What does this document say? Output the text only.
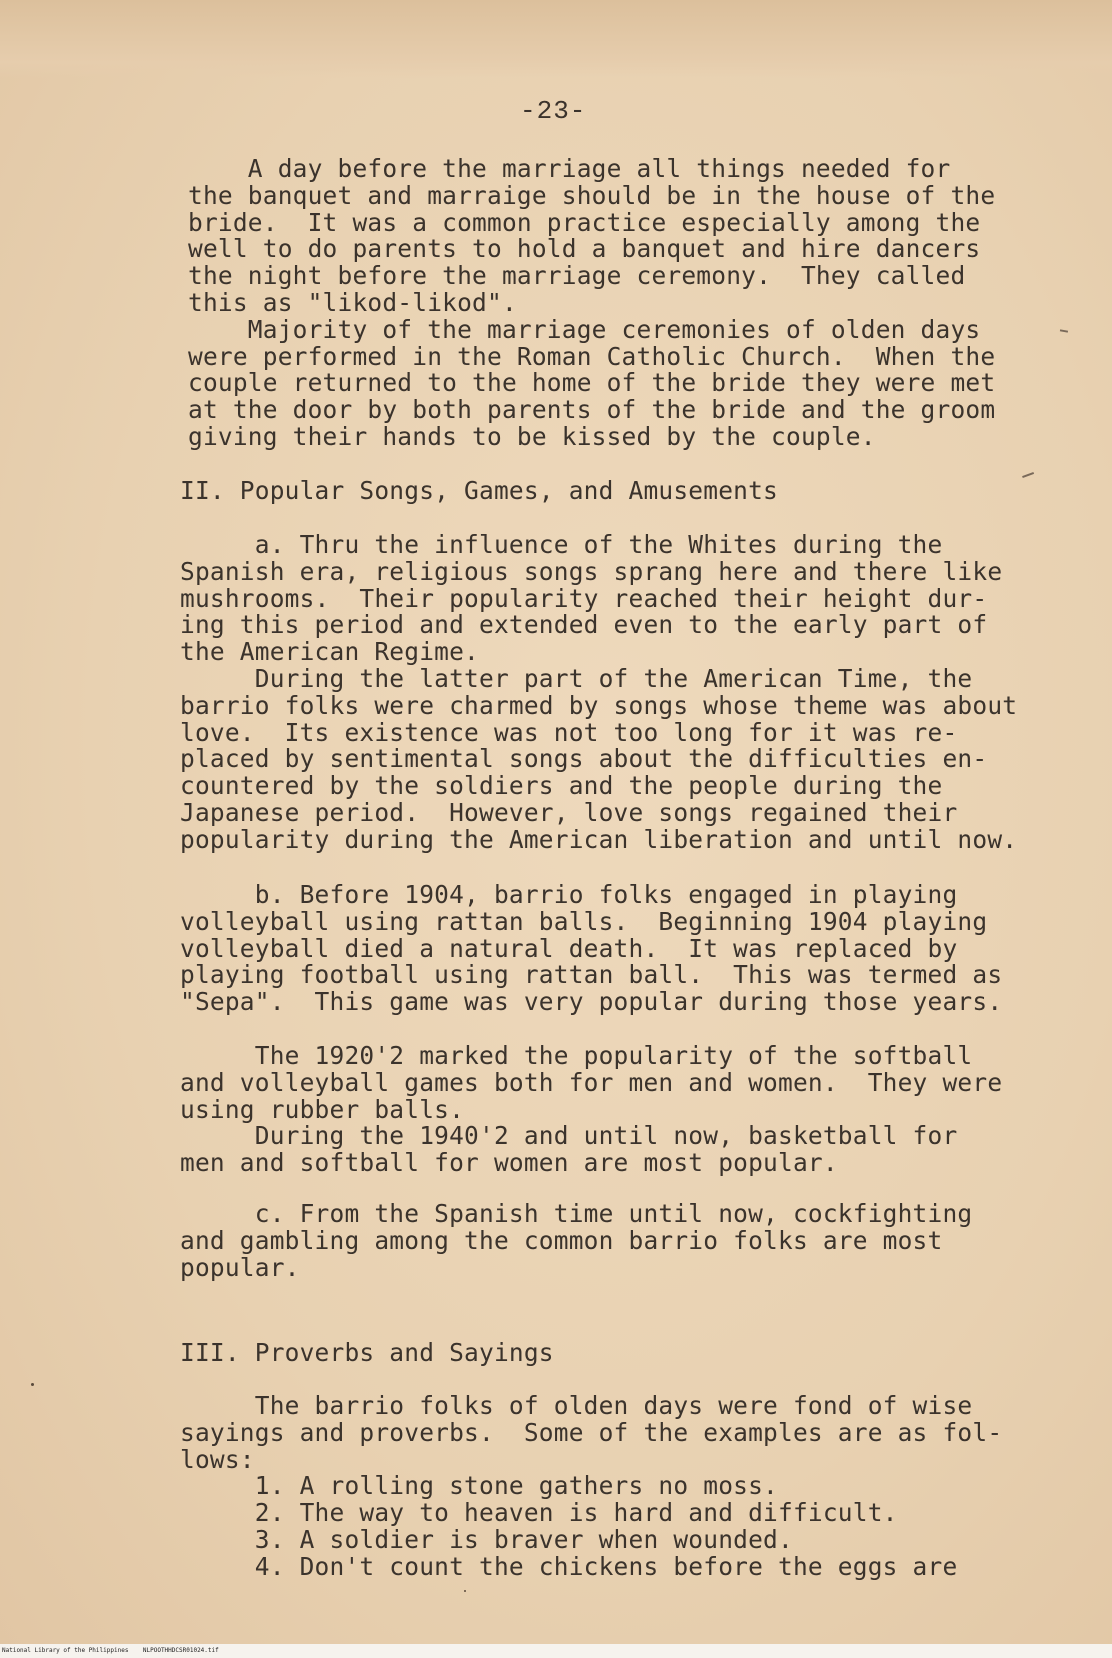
-23-
A day before the marriage all things needed for
the banquet and marraige should be in the house of the
bride.  It was a common practice especially among the
well to do parents to hold a banquet and hire dancers
the night before the marriage ceremony.  They called
this as "likod-likod".
Majority of the marriage ceremonies of olden days
were performed in the Roman Catholic Church.  When the
couple returned to the home of the bride they were met
at the door by both parents of the bride and the groom
giving their hands to be kissed by the couple.
II. Popular Songs, Games, and Amusements
a. Thru the influence of the Whites during the
Spanish era, religious songs sprang here and there like
mushrooms.  Their popularity reached their height dur-
ing this period and extended even to the early part of
the American Regime.
During the latter part of the American Time, the
barrio folks were charmed by songs whose theme was about
love.  Its existence was not too long for it was re-
placed by sentimental songs about the difficulties en-
countered by the soldiers and the people during the
Japanese period.  However, love songs regained their
popularity during the American liberation and until now.
b. Before 1904, barrio folks engaged in playing
volleyball using rattan balls.  Beginning 1904 playing
volleyball died a natural death.  It was replaced by
playing football using rattan ball.  This was termed as
"Sepa".  This game was very popular during those years.
The 1920'2 marked the popularity of the softball
and volleyball games both for men and women.  They were
using rubber balls.
During the 1940'2 and until now, basketball for
men and softball for women are most popular.
c. From the Spanish time until now, cockfighting
and gambling among the common barrio folks are most
popular.
III. Proverbs and Sayings
The barrio folks of olden days were fond of wise
sayings and proverbs.  Some of the examples are as fol-
lows:
1. A rolling stone gathers no moss.
2. The way to heaven is hard and difficult.
3. A soldier is braver when wounded.
4. Don't count the chickens before the eggs are
National Library of the Philippines    NLPOOTHHDCSR01024.tif
